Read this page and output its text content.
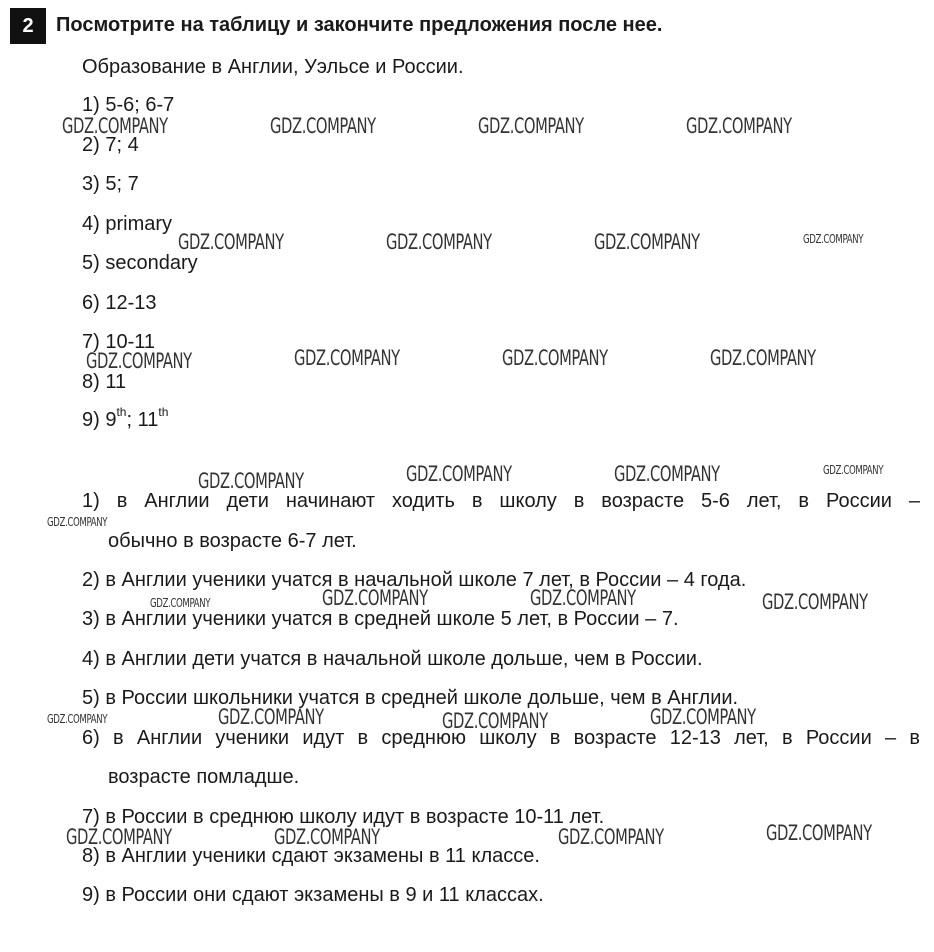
2	Посмотрите на таблицу и закончите предложения после нее.
Образование в Англии, Уэльсе и России.
1) 5-6; 6-7
2) 7; 4
3) 5; 7
4) primary
5) secondary
6) 12-13
7) 10-11
8) 11
9) 9th; 11th
1) в Англии дети начинают ходить в школу в возрасте 5-6 лет, в России –
обычно в возрасте 6-7 лет.
2) в Англии ученики учатся в начальной школе 7 лет, в России – 4 года.
3) в Англии ученики учатся в средней школе 5 лет, в России – 7.
4) в Англии дети учатся в начальной школе дольше, чем в России.
5) в России школьники учатся в средней школе дольше, чем в Англии.
6) в Англии ученики идут в среднюю школу в возрасте 12-13 лет, в России – в
возрасте помладше.
7) в России в среднюю школу идут в возрасте 10-11 лет.
8) в Англии ученики сдают экзамены в 11 классе.
9) в России они сдают экзамены в 9 и 11 классах.
GDZ.COMPANY	GDZ.COMPANY	GDZ.COMPANY	GDZ.COMPANY
GDZ.COMPANY	GDZ.COMPANY	GDZ.COMPANY	GDZ.COMPANY
GDZ.COMPANY	GDZ.COMPANY	GDZ.COMPANY	GDZ.COMPANY
GDZ.COMPANY	GDZ.COMPANY	GDZ.COMPANY	GDZ.COMPANY
GDZ.COMPANY
GDZ.COMPANY	GDZ.COMPANY	GDZ.COMPANY	GDZ.COMPANY
GDZ.COMPANY	GDZ.COMPANY	GDZ.COMPANY	GDZ.COMPANY
GDZ.COMPANY	GDZ.COMPANY	GDZ.COMPANY	GDZ.COMPANY
